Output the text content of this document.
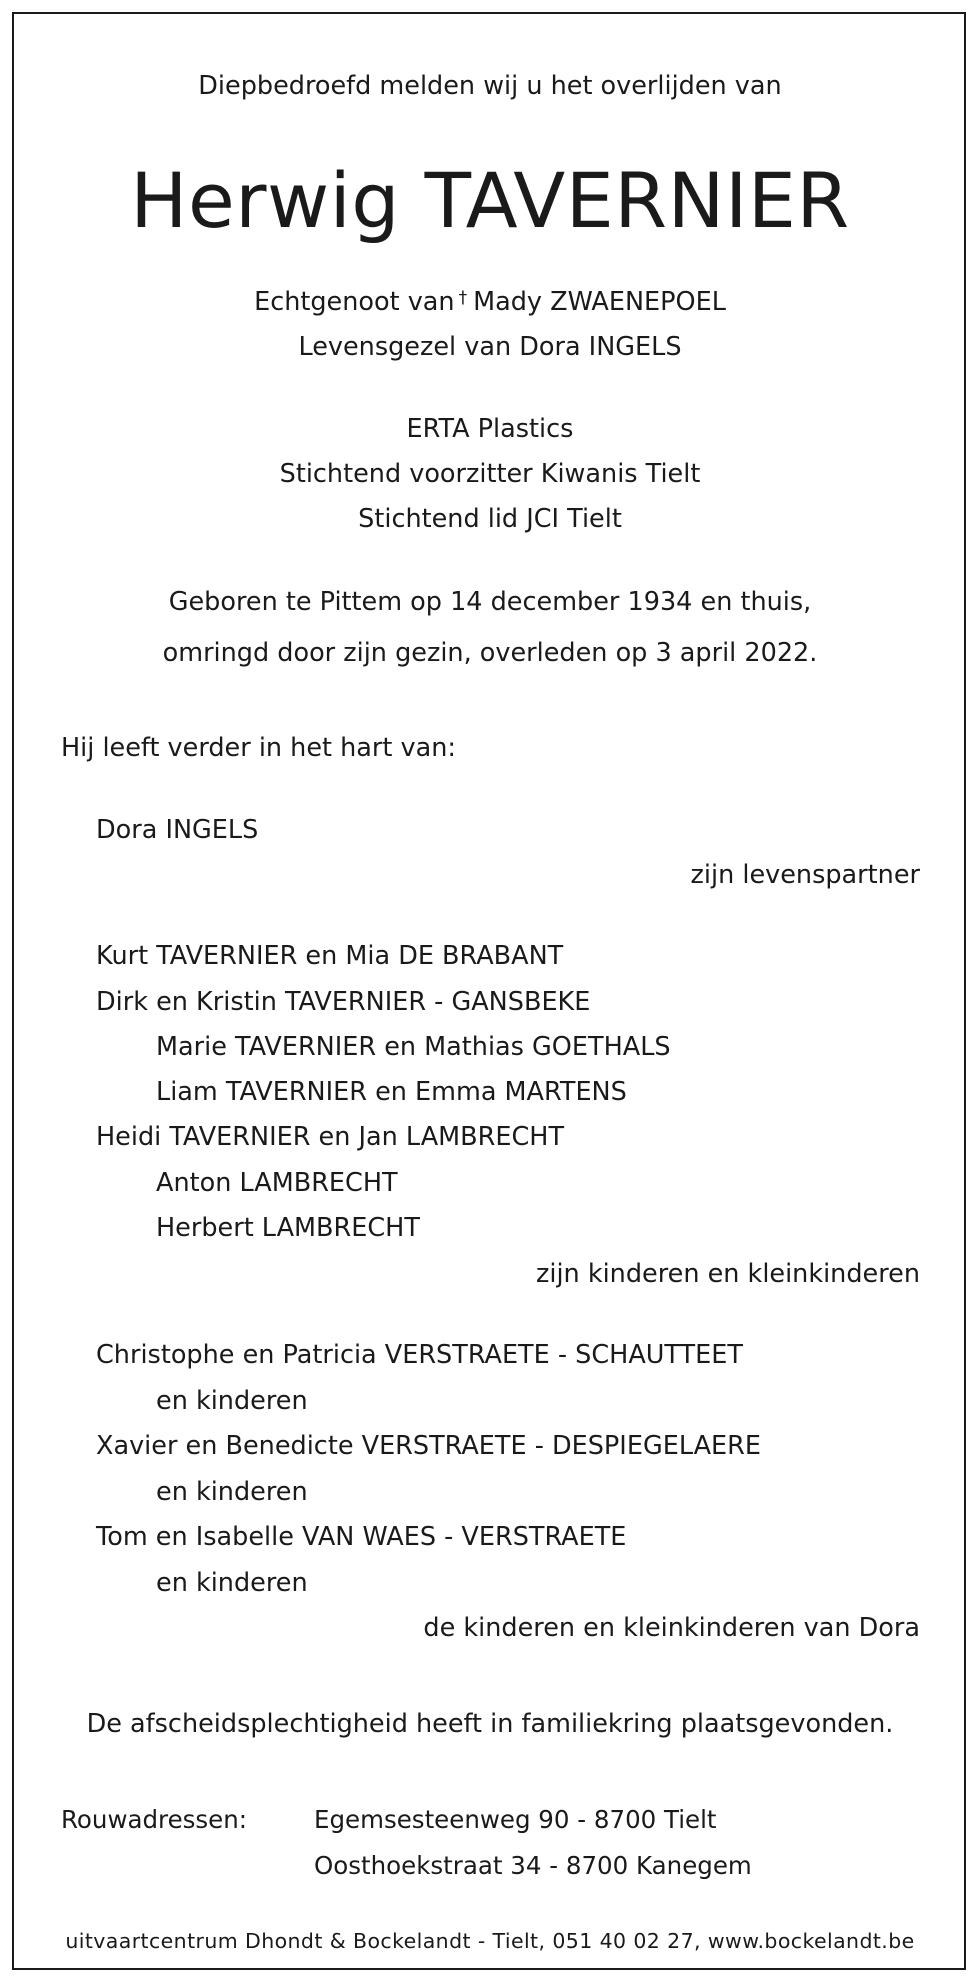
Diepbedroefd melden wij u het overlijden van
Herwig TAVERNIER
Echtgenoot van † Mady ZWAENEPOEL
Levensgezel van Dora INGELS
ERTA Plastics
Stichtend voorzitter Kiwanis Tielt
Stichtend lid JCI Tielt
Geboren te Pittem op 14 december 1934 en thuis,
omringd door zijn gezin, overleden op 3 april 2022.
Hij leeft verder in het hart van:
Dora INGELS
zijn levenspartner
Kurt TAVERNIER en Mia DE BRABANT
Dirk en Kristin TAVERNIER - GANSBEKE
Marie TAVERNIER en Mathias GOETHALS
Liam TAVERNIER en Emma MARTENS
Heidi TAVERNIER en Jan LAMBRECHT
Anton LAMBRECHT
Herbert LAMBRECHT
zijn kinderen en kleinkinderen
Christophe en Patricia VERSTRAETE - SCHAUTTEET
en kinderen
Xavier en Benedicte VERSTRAETE - DESPIEGELAERE
en kinderen
Tom en Isabelle VAN WAES - VERSTRAETE
en kinderen
de kinderen en kleinkinderen van Dora
De afscheidsplechtigheid heeft in familiekring plaatsgevonden.
Rouwadressen:	Egemsesteenweg 90 - 8700 Tielt
Oosthoekstraat 34 - 8700 Kanegem
uitvaartcentrum Dhondt & Bockelandt - Tielt, 051 40 02 27, www.bockelandt.be
